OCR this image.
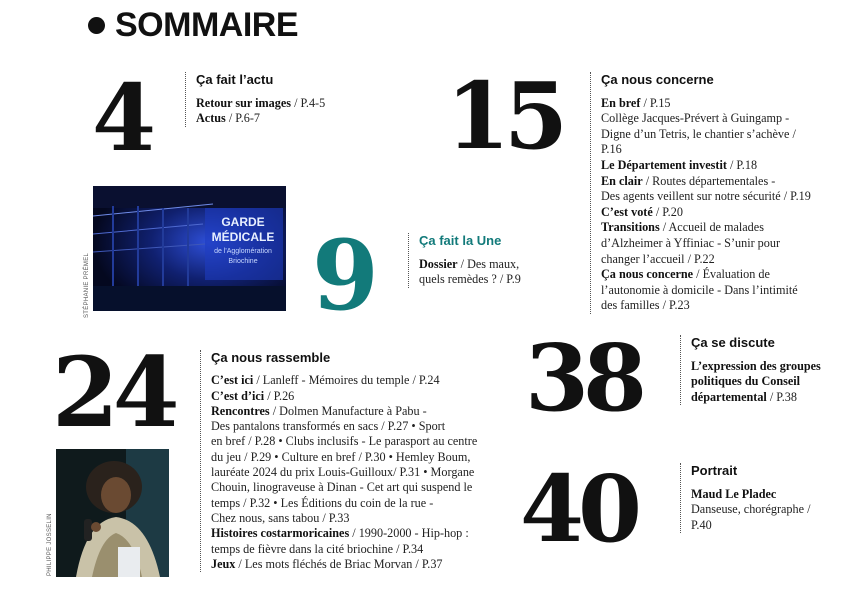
SOMMAIRE
4	Ça fait l’actu

Retour sur images / P.4-5

Actus / P.6-7

GARDE
MÉDICALE
de l'Agglomération
Briochine
STÉPHANIE PRÉMEL 9	Ça fait la Une

Dossier / Des maux,

quels remèdes ? / P.9

15	Ça nous concerne

En bref / P.15

Collège Jacques-Prévert à Guingamp -

Digne d’un Tetris, le chantier s’achève /

P.16

Le Département investit / P.18

En clair / Routes départementales -

Des agents veillent sur notre sécurité / P.19

C’est voté / P.20

Transitions / Accueil de malades

d’Alzheimer à Yffiniac - S’unir pour

changer l’accueil / P.22

Ça nous concerne / Évaluation de

l’autonomie à domicile - Dans l’intimité

des familles / P.23

24	Ça nous rassemble

C’est ici / Lanleff - Mémoires du temple / P.24

C’est d’ici / P.26

Rencontres / Dolmen Manufacture à Pabu -

Des pantalons transformés en sacs / P.27 • Sport

en bref / P.28 • Clubs inclusifs - Le parasport au centre

du jeu / P.29 • Culture en bref / P.30 • Hemley Boum,

lauréate 2024 du prix Louis-Guilloux/ P.31 • Morgane

Chouin, linograveuse à Dinan - Cet art qui suspend le

temps / P.32 • Les Éditions du coin de la rue -

Chez nous, sans tabou / P.33

Histoires costarmoricaines / 1990-2000 - Hip-hop :

temps de fièvre dans la cité briochine / P.34

Jeux / Les mots fléchés de Briac Morvan / P.37

PHILIPPE JOSSELIN
38	Ça se discute

L’expression des groupes

politiques du Conseil

départemental / P.38

40	Portrait

Maud Le Pladec

Danseuse, chorégraphe /

P.40
